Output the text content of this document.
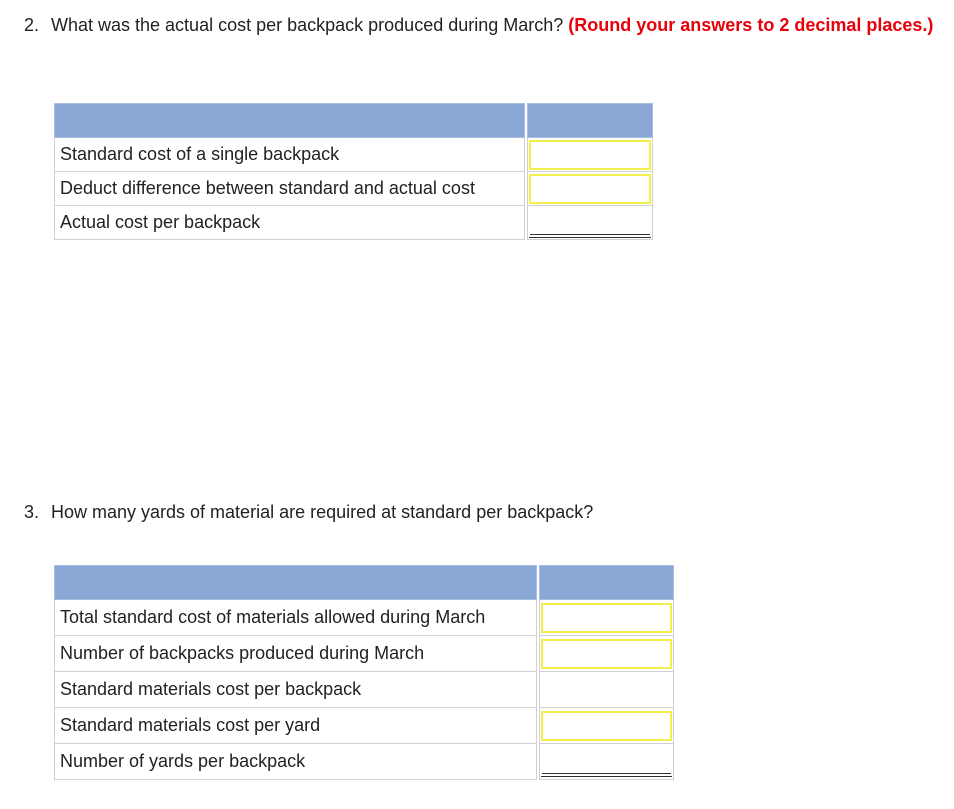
2. What was the actual cost per backpack produced during March? (Round your answers to 2 decimal places.)

Standard cost of a single backpack		

Deduct difference between standard and actual cost		

Actual cost per backpack		
3. How many yards of material are required at standard per backpack?

Total standard cost of materials allowed during March		

Number of backpacks produced during March		

Standard materials cost per backpack		

Standard materials cost per yard		

Number of yards per backpack		
